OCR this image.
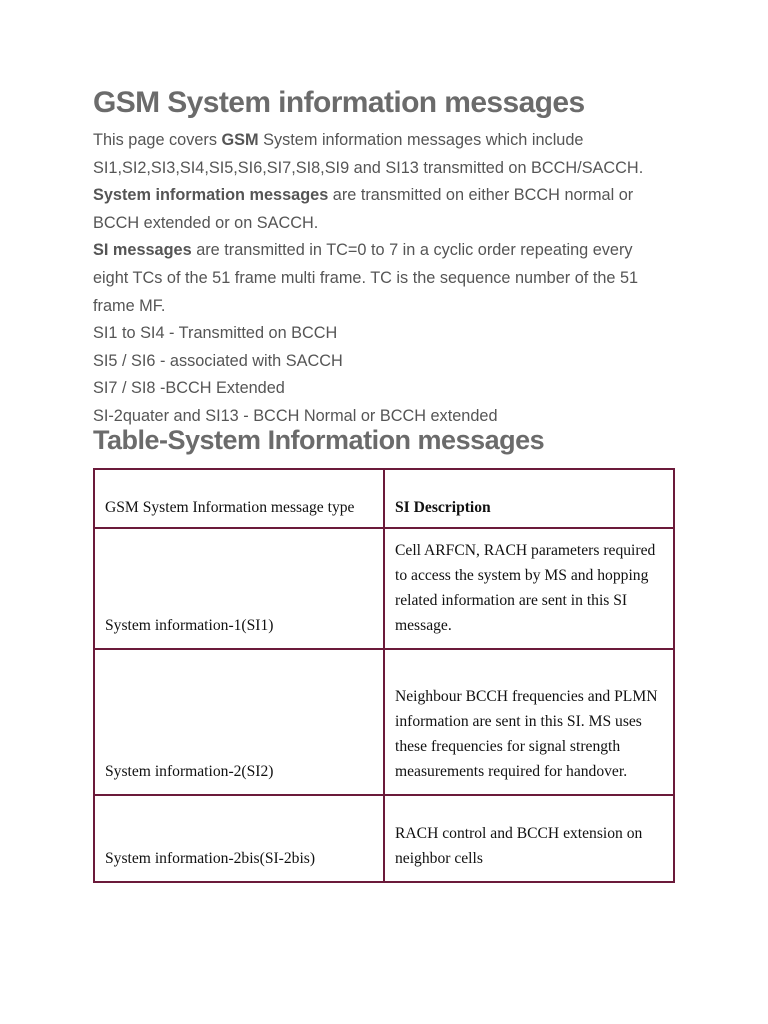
GSM System information messages
This page covers GSM System information messages which include
SI1,SI2,SI3,SI4,SI5,SI6,SI7,SI8,SI9 and SI13 transmitted on BCCH/SACCH.
System information messages are transmitted on either BCCH normal or
BCCH extended or on SACCH.
SI messages are transmitted in TC=0 to 7 in a cyclic order repeating every
eight TCs of the 51 frame multi frame. TC is the sequence number of the 51
frame MF.
SI1 to SI4 - Transmitted on BCCH
SI5 / SI6 - associated with SACCH
SI7 / SI8 -BCCH Extended
SI-2quater and SI13 - BCCH Normal or BCCH extended
Table-System Information messages
GSM System Information message type	SI Description
System information-1(SI1)	Cell ARFCN, RACH parameters required to access the system by MS and hopping related information are sent in this SI message.
System information-2(SI2)	Neighbour BCCH frequencies and PLMN information are sent in this SI. MS uses these frequencies for signal strength measurements required for handover.
System information-2bis(SI-2bis)	RACH control and BCCH extension on neighbor cells
